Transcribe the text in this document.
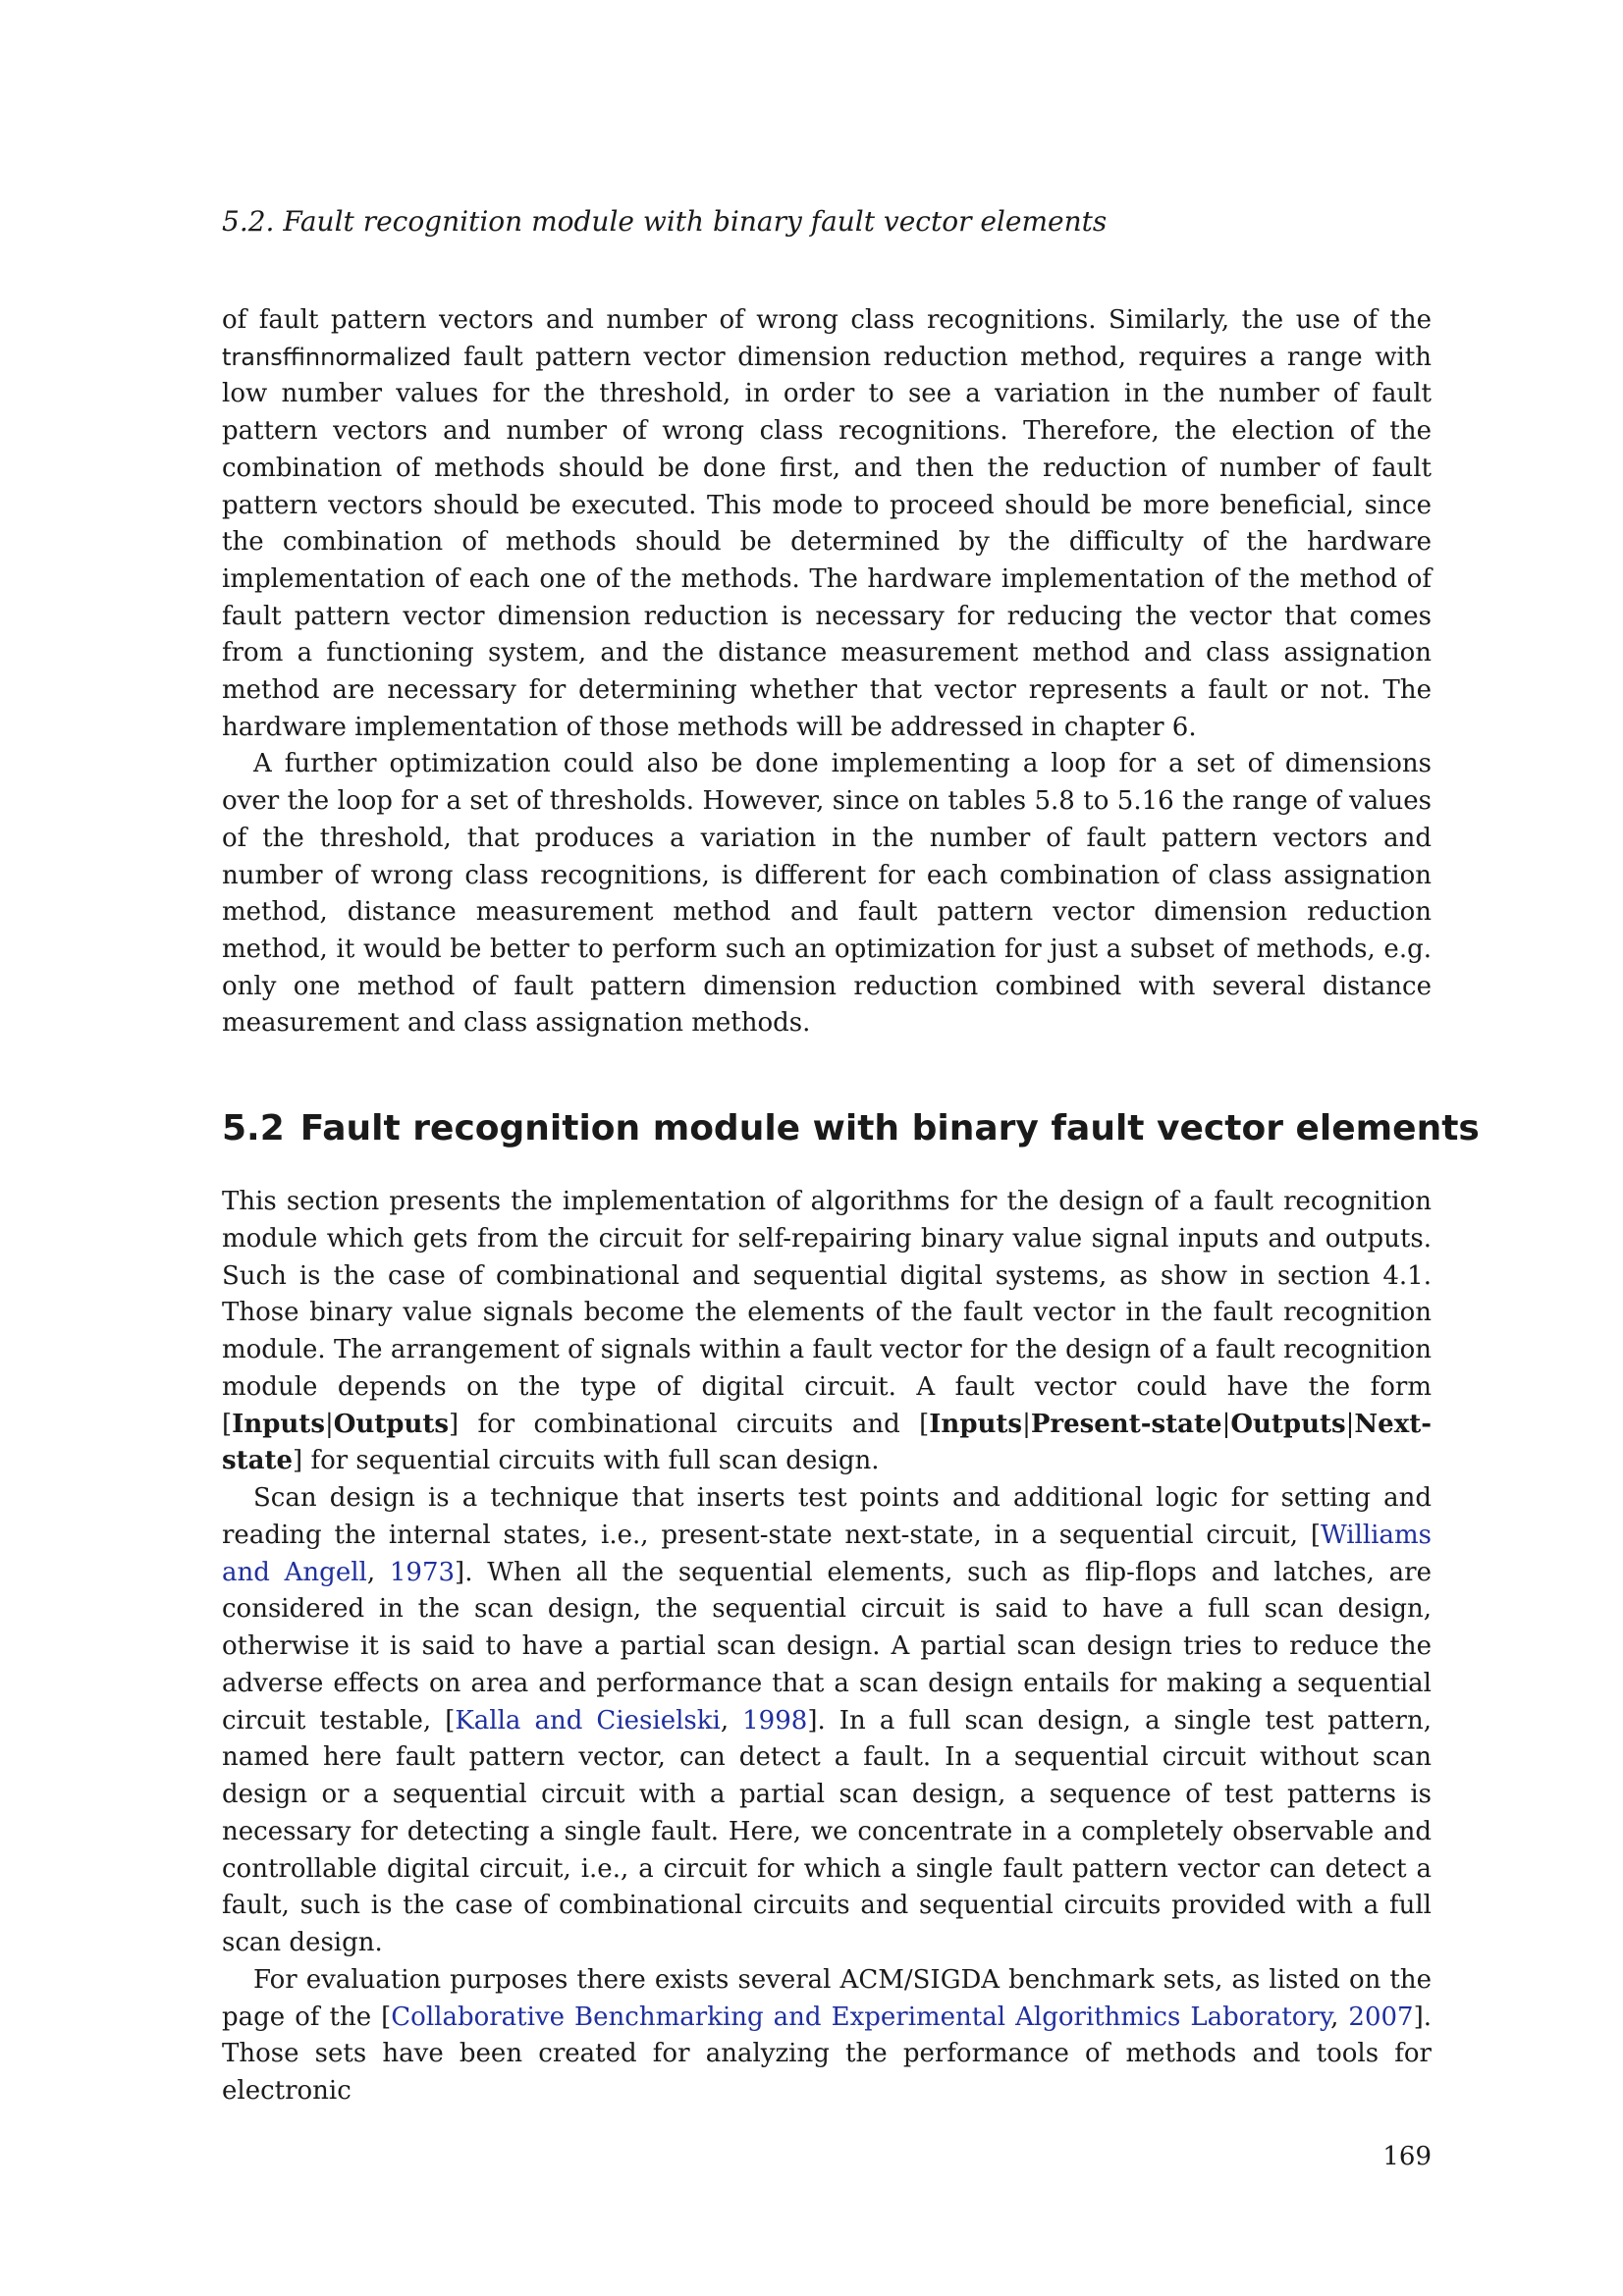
5.2. Fault recognition module with binary fault vector elements

of fault pattern vectors and number of wrong class recognitions. Similarly, the use of the transffinnormalized fault pattern vector dimension reduction method, requires a range with low number values for the threshold, in order to see a variation in the number of fault pattern vectors and number of wrong class recognitions. Therefore, the election of the combination of methods should be done first, and then the reduction of number of fault pattern vectors should be executed. This mode to proceed should be more beneficial, since the combination of methods should be determined by the difficulty of the hardware implementation of each one of the methods. The hardware implementation of the method of fault pattern vector dimension reduction is necessary for reducing the vector that comes from a functioning system, and the distance measurement method and class assignation method are necessary for determining whether that vector represents a fault or not. The hardware implementation of those methods will be addressed in chapter 6.

A further optimization could also be done implementing a loop for a set of dimensions over the loop for a set of thresholds. However, since on tables 5.8 to 5.16 the range of values of the threshold, that produces a variation in the number of fault pattern vectors and number of wrong class recognitions, is different for each combination of class assignation method, distance measurement method and fault pattern vector dimension reduction method, it would be better to perform such an optimization for just a subset of methods, e.g. only one method of fault pattern dimension reduction combined with several distance measurement and class assignation methods.

5.2 Fault recognition module with binary fault vector elements

This section presents the implementation of algorithms for the design of a fault recognition module which gets from the circuit for self-repairing binary value signal inputs and outputs. Such is the case of combinational and sequential digital systems, as show in section 4.1. Those binary value signals become the elements of the fault vector in the fault recognition module. The arrangement of signals within a fault vector for the design of a fault recognition module depends on the type of digital circuit. A fault vector could have the form [Inputs|Outputs] for combinational circuits and [Inputs|Present-state|Outputs|Next-state] for sequential circuits with full scan design.

Scan design is a technique that inserts test points and additional logic for setting and reading the internal states, i.e., present-state next-state, in a sequential circuit, [Williams and Angell, 1973]. When all the sequential elements, such as flip-flops and latches, are considered in the scan design, the sequential circuit is said to have a full scan design, otherwise it is said to have a partial scan design. A partial scan design tries to reduce the adverse effects on area and performance that a scan design entails for making a sequential circuit testable, [Kalla and Ciesielski, 1998]. In a full scan design, a single test pattern, named here fault pattern vector, can detect a fault. In a sequential circuit without scan design or a sequential circuit with a partial scan design, a sequence of test patterns is necessary for detecting a single fault. Here, we concentrate in a completely observable and controllable digital circuit, i.e., a circuit for which a single fault pattern vector can detect a fault, such is the case of combinational circuits and sequential circuits provided with a full scan design.

For evaluation purposes there exists several ACM/SIGDA benchmark sets, as listed on the page of the [Collaborative Benchmarking and Experimental Algorithmics Laboratory, 2007]. Those sets have been created for analyzing the performance of methods and tools for electronic

169
